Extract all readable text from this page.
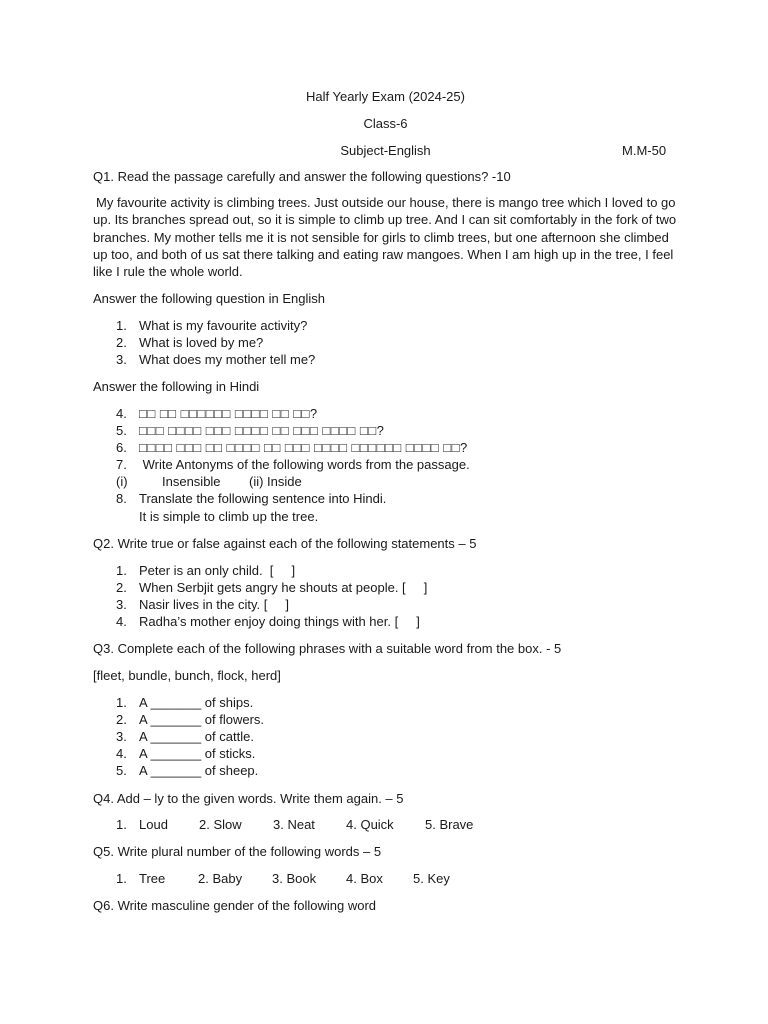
Half Yearly Exam (2024-25)
Class-6
Subject-English	M.M-50
Q1. Read the passage carefully and answer the following questions? -10
My favourite activity is climbing trees. Just outside our house, there is mango tree which I loved to go up. Its branches spread out, so it is simple to climb up tree. And I can sit comfortably in the fork of two branches. My mother tells me it is not sensible for girls to climb trees, but one afternoon she climbed up too, and both of us sat there talking and eating raw mangoes. When I am high up in the tree, I feel like I rule the whole world.
Answer the following question in English
1. What is my favourite activity?
2. What is loved by me?
3. What does my mother tell me?
Answer the following in Hindi
4. □□ □□ □□□□□□ □□□□ □□ □□?
5. □□□ □□□□ □□□ □□□□ □□ □□□ □□□□ □□?
6. □□□□ □□□ □□ □□□□ □□ □□□ □□□□ □□□□□□ □□□□ □□?
7. Write Antonyms of the following words from the passage.
(i)	Insensible (ii) Inside
8. Translate the following sentence into Hindi.
It is simple to climb up the tree.
Q2. Write true or false against each of the following statements – 5
1. Peter is an only child.  [     ]
2. When Serbjit gets angry he shouts at people. [     ]
3. Nasir lives in the city. [     ]
4. Radha’s mother enjoy doing things with her. [     ]
Q3. Complete each of the following phrases with a suitable word from the box. - 5
[fleet, bundle, bunch, flock, herd]
1. A _______ of ships.
2. A _______ of flowers.
3. A _______ of cattle.
4. A _______ of sticks.
5. A _______ of sheep.
Q4. Add – ly to the given words. Write them again. – 5
1. Loud 2. Slow 3. Neat 4. Quick 5. Brave
Q5. Write plural number of the following words – 5
1. Tree	2. Baby 3. Book 4. Box 5. Key
Q6. Write masculine gender of the following word
